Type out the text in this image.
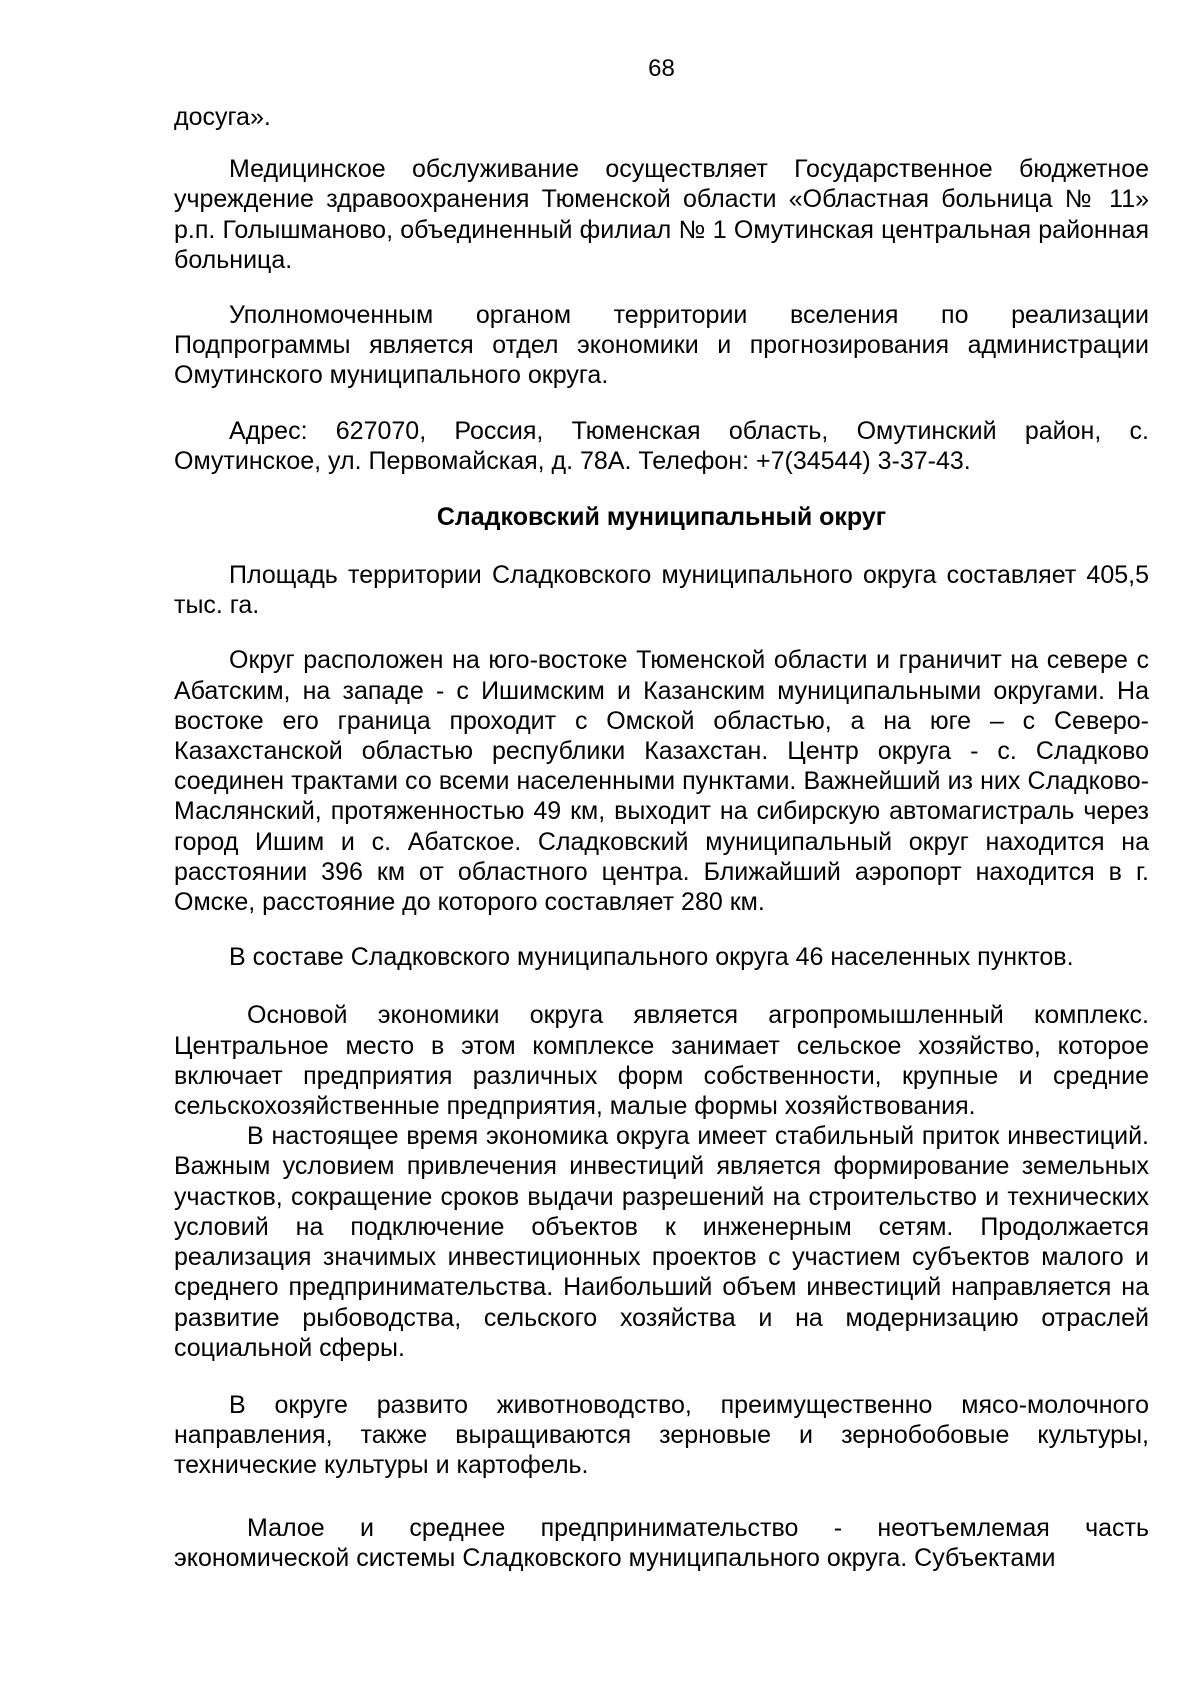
68

досуга».

Медицинское обслуживание осуществляет Государственное бюджетное учреждение здравоохранения Тюменской области «Областная больница № 11» р.п. Голышманово, объединенный филиал № 1 Омутинская центральная районная больница.

Уполномоченным органом территории вселения по реализации Подпрограммы является отдел экономики и прогнозирования администрации Омутинского муниципального округа.

Адрес: 627070, Россия, Тюменская область, Омутинский район, с. Омутинское, ул. Первомайская, д. 78А. Телефон: +7(34544) 3-37-43.

Сладковский муниципальный округ

Площадь территории Сладковского муниципального округа составляет 405,5 тыс. га.

Округ расположен на юго-востоке Тюменской области и граничит на севере с Абатским, на западе - с Ишимским и Казанским муниципальными округами. На востоке его граница проходит с Омской областью, а на юге – с Северо-Казахстанской областью республики Казахстан. Центр округа - с. Сладково соединен трактами со всеми населенными пунктами. Важнейший из них Сладково-Маслянский, протяженностью 49 км, выходит на сибирскую автомагистраль через город Ишим и с. Абатское. Сладковский муниципальный округ находится на расстоянии 396 км от областного центра. Ближайший аэропорт находится в г. Омске, расстояние до которого составляет 280 км.

В составе Сладковского муниципального округа 46 населенных пунктов.

Основой экономики округа является агропромышленный комплекс. Центральное место в этом комплексе занимает сельское хозяйство, которое включает предприятия различных форм собственности, крупные и средние сельскохозяйственные предприятия, малые формы хозяйствования.

В настоящее время экономика округа имеет стабильный приток инвестиций. Важным условием привлечения инвестиций является формирование земельных участков, сокращение сроков выдачи разрешений на строительство и технических условий на подключение объектов к инженерным сетям. Продолжается реализация значимых инвестиционных проектов с участием субъектов малого и среднего предпринимательства. Наибольший объем инвестиций направляется на развитие рыбоводства, сельского хозяйства и на модернизацию отраслей социальной сферы.

В округе развито животноводство, преимущественно мясо-молочного направления, также выращиваются зерновые и зернобобовые культуры, технические культуры и картофель.

Малое и среднее предпринимательство - неотъемлемая часть экономической системы Сладковского муниципального округа. Субъектами
